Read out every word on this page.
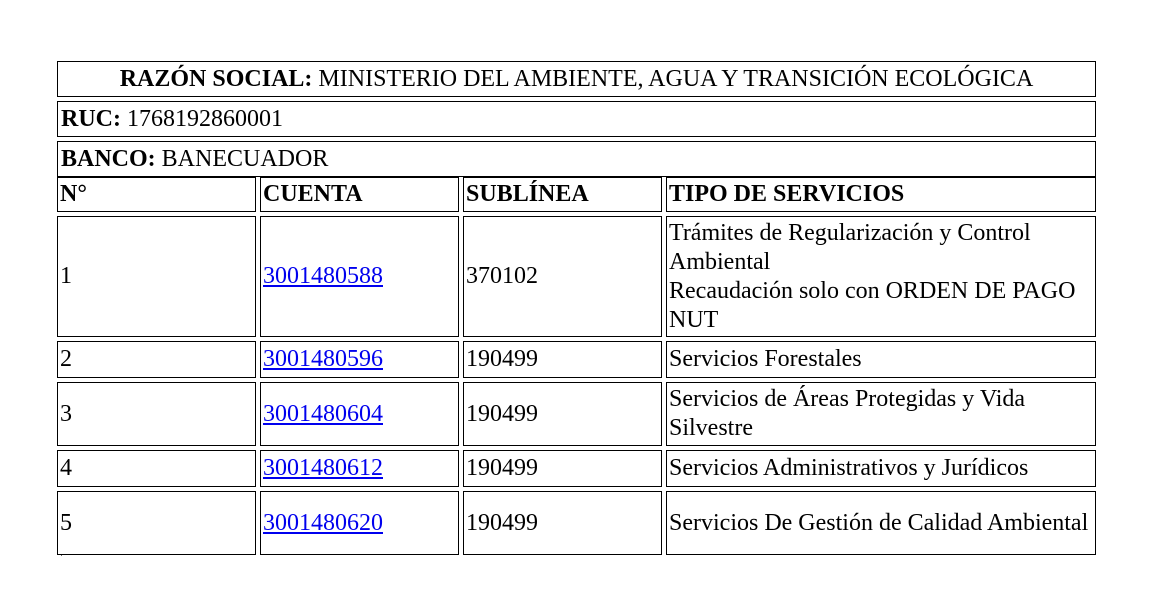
RAZÓN SOCIAL: MINISTERIO DEL AMBIENTE, AGUA Y TRANSICIÓN ECOLÓGICA
RUC: 1768192860001
BANCO: BANECUADOR
N°	CUENTA	SUBLÍNEA	TIPO DE SERVICIOS
1	3001480588	370102	Trámites de Regularización y Control Ambiental
Recaudación solo con ORDEN DE PAGO NUT

2	3001480596	190499	Servicios Forestales

3	3001480604	190499	Servicios de Áreas Protegidas y Vida Silvestre

4	3001480612	190499	Servicios Administrativos y Jurídicos

5	3001480620	190499	Servicios De Gestión de Calidad Ambiental
